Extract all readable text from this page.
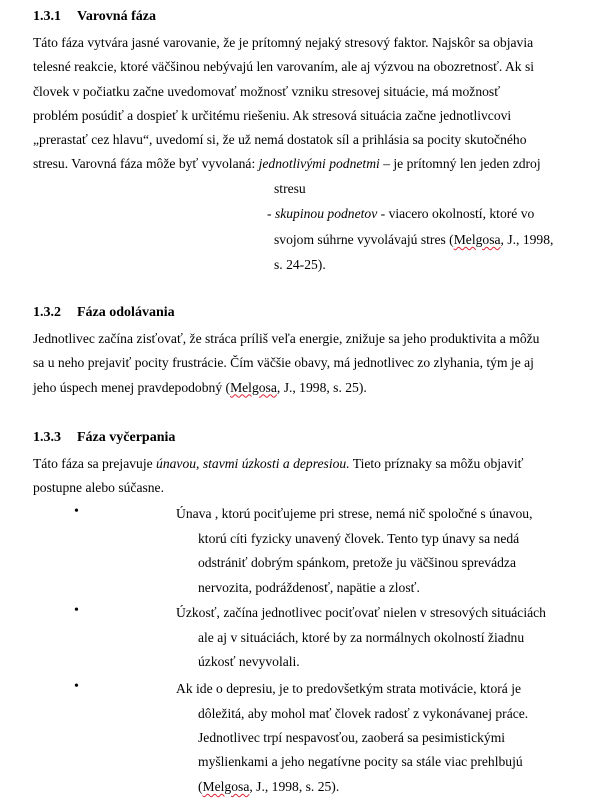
1.3.1 Varovná fáza
Táto fáza vytvára jasné varovanie, že je prítomný nejaký stresový faktor. Najskôr sa objavia
telesné reakcie, ktoré väčšinou nebývajú len varovaním, ale aj výzvou na obozretnosť. Ak si
človek v počiatku začne uvedomovať možnosť vzniku stresovej situácie, má možnosť
problém posúdiť a dospieť k určitému riešeniu. Ak stresová situácia začne jednotlivcovi
„prerastať cez hlavu“, uvedomí si, že už nemá dostatok síl a prihlásia sa pocity skutočného
stresu. Varovná fáza môže byť vyvolaná: jednotlivými podnetmi – je prítomný len jeden zdroj
stresu
- skupinou podnetov - viacero okolností, ktoré vo
svojom súhrne vyvolávajú stres (Melgosa, J., 1998,
s. 24-25).
1.3.2 Fáza odolávania
Jednotlivec začína zisťovať, že stráca príliš veľa energie, znižuje sa jeho produktivita a môžu
sa u neho prejaviť pocity frustrácie. Čím väčšie obavy, má jednotlivec zo zlyhania, tým je aj
jeho úspech menej pravdepodobný (Melgosa, J., 1998, s. 25).
1.3.3 Fáza vyčerpania
Táto fáza sa prejavuje únavou, stavmi úzkosti a depresiou. Tieto príznaky sa môžu objaviť
postupne alebo súčasne.
•	Únava , ktorú pociťujeme pri strese, nemá nič spoločné s únavou,
ktorú cíti fyzicky unavený človek. Tento typ únavy sa nedá
odstrániť dobrým spánkom, pretože ju väčšinou sprevádza
nervozita, podráždenosť, napätie a zlosť.
•	Úzkosť, začína jednotlivec pociťovať nielen v stresových situáciách
ale aj v situáciách, ktoré by za normálnych okolností žiadnu
úzkosť nevyvolali.
•	Ak ide o depresiu, je to predovšetkým strata motivácie, ktorá je
dôležitá, aby mohol mať človek radosť z vykonávanej práce.
Jednotlivec trpí nespavosťou, zaoberá sa pesimistickými
myšlienkami a jeho negatívne pocity sa stále viac prehlbujú
(Melgosa, J., 1998, s. 25).
